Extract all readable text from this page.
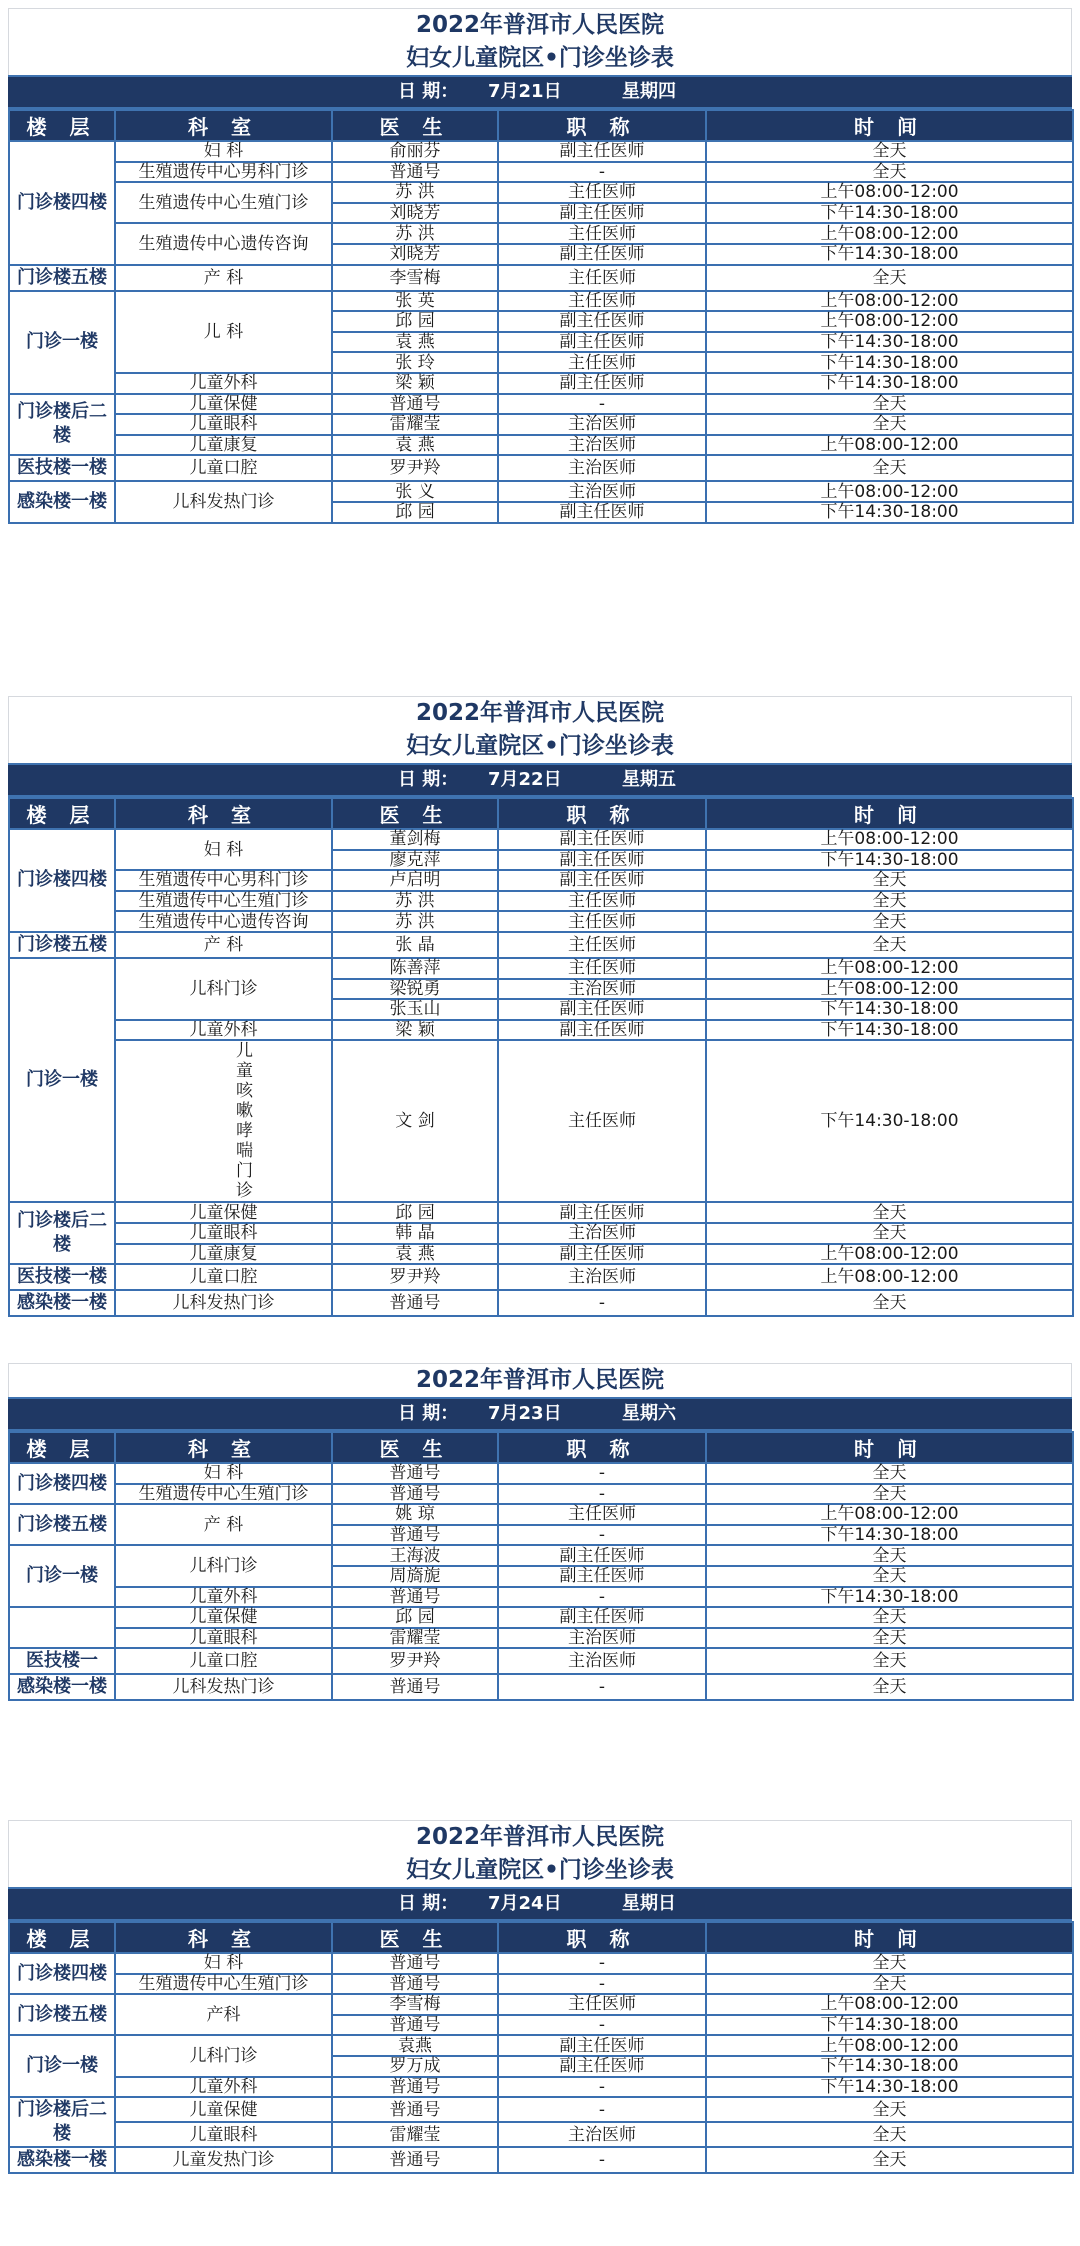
2022年普洱市人民医院
妇女儿童院区•门诊坐诊表
日 期： 7月21日	星期四
楼 层	科 室	医 生	职 称	时 间
门诊楼四楼	妇 科	俞丽芬	副主任医师	全天
	生殖遗传中心男科门诊	普通号	-	全天
	生殖遗传中心生殖门诊	苏 洪	主任医师	上午08:00-12:00
		刘晓芳	副主任医师	下午14:30-18:00
	生殖遗传中心遗传咨询	苏 洪	主任医师	上午08:00-12:00
		刘晓芳	副主任医师	下午14:30-18:00
门诊楼五楼	产 科	李雪梅	主任医师	全天
门诊一楼	儿 科	张 英	主任医师	上午08:00-12:00
		邱 园	副主任医师	上午08:00-12:00
		袁 燕	副主任医师	下午14:30-18:00
		张 玲	主任医师	下午14:30-18:00
	儿童外科	梁 颖	副主任医师	下午14:30-18:00
门诊楼后二楼	儿童保健	普通号	-	全天
	儿童眼科	雷耀莹	主治医师	全天
	儿童康复	袁 燕	主治医师	上午08:00-12:00
医技楼一楼	儿童口腔	罗尹羚	主治医师	全天
感染楼一楼	儿科发热门诊	张 义	主治医师	上午08:00-12:00
		邱 园	副主任医师	下午14:30-18:00
2022年普洱市人民医院
妇女儿童院区•门诊坐诊表
日 期： 7月22日	星期五
楼 层	科 室	医 生	职 称	时 间
门诊楼四楼	妇 科	董剑梅	副主任医师	上午08:00-12:00
		廖克萍	副主任医师	下午14:30-18:00
	生殖遗传中心男科门诊	卢启明	副主任医师	全天
	生殖遗传中心生殖门诊	苏 洪	主任医师	全天
	生殖遗传中心遗传咨询	苏 洪	主任医师	全天
门诊楼五楼	产 科	张 晶	主任医师	全天
门诊一楼	儿科门诊	陈善萍	主任医师	上午08:00-12:00
		梁锐勇	主治医师	上午08:00-12:00
		张玉山	副主任医师	下午14:30-18:00
	儿童外科	梁 颖	副主任医师	下午14:30-18:00
	儿童咳嗽哮喘门诊	文 剑	主任医师	下午14:30-18:00
门诊楼后二楼	儿童保健	邱 园	副主任医师	全天
	儿童眼科	韩 晶	主治医师	全天
	儿童康复	袁 燕	副主任医师	上午08:00-12:00
医技楼一楼	儿童口腔	罗尹羚	主治医师	上午08:00-12:00
感染楼一楼	儿科发热门诊	普通号	-	全天
2022年普洱市人民医院
日 期： 7月23日	星期六
楼 层	科 室	医 生	职 称	时 间
门诊楼四楼	妇 科	普通号	-	全天
	生殖遗传中心生殖门诊	普通号	-	全天
门诊楼五楼	产 科	姚 琼	主任医师	上午08:00-12:00
		普通号	-	下午14:30-18:00
门诊一楼	儿科门诊	王海波	副主任医师	全天
		周旖旎	副主任医师	全天
	儿童外科	普通号	-	下午14:30-18:00
	儿童保健	邱 园	副主任医师	全天
	儿童眼科	雷耀莹	主治医师	全天
医技楼一	儿童口腔	罗尹羚	主治医师	全天
感染楼一楼	儿科发热门诊	普通号	-	全天
2022年普洱市人民医院
妇女儿童院区•门诊坐诊表
日 期： 7月24日	星期日
楼 层	科 室	医 生	职 称	时 间
门诊楼四楼	妇 科	普通号	-	全天
	生殖遗传中心生殖门诊	普通号	-	全天
门诊楼五楼	产科	李雪梅	主任医师	上午08:00-12:00
		普通号	-	下午14:30-18:00
门诊一楼	儿科门诊	袁燕	副主任医师	上午08:00-12:00
		罗万成	副主任医师	下午14:30-18:00
	儿童外科	普通号	-	下午14:30-18:00
门诊楼后二楼	儿童保健	普通号	-	全天
	儿童眼科	雷耀莹	主治医师	全天
感染楼一楼	儿童发热门诊	普通号	-	全天
